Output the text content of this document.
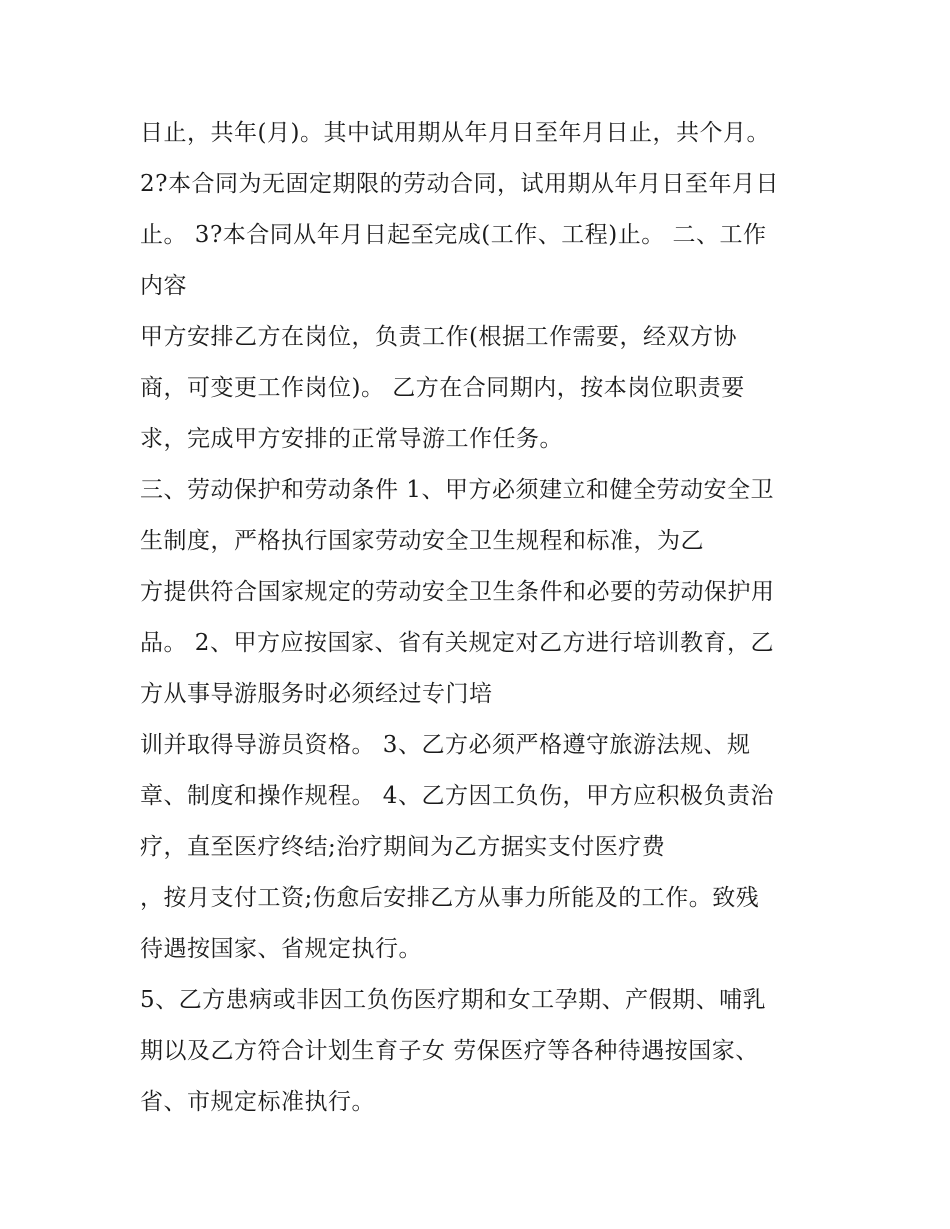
日止，共年(月)。其中试用期从年月日至年月日止，共个月。
2?本合同为无固定期限的劳动合同，试用期从年月日至年月日
止。 3?本合同从年月日起至完成(工作、工程)止。 二、工作
内容
甲方安排乙方在岗位，负责工作(根据工作需要，经双方协
商，可变更工作岗位)。 乙方在合同期内，按本岗位职责要
求，完成甲方安排的正常导游工作任务。
三、劳动保护和劳动条件 1、甲方必须建立和健全劳动安全卫
生制度，严格执行国家劳动安全卫生规程和标准，为乙
方提供符合国家规定的劳动安全卫生条件和必要的劳动保护用
品。 2、甲方应按国家、省有关规定对乙方进行培训教育，乙
方从事导游服务时必须经过专门培
训并取得导游员资格。 3、乙方必须严格遵守旅游法规、规
章、制度和操作规程。 4、乙方因工负伤，甲方应积极负责治
疗，直至医疗终结;治疗期间为乙方据实支付医疗费
，按月支付工资;伤愈后安排乙方从事力所能及的工作。致残
待遇按国家、省规定执行。
5、乙方患病或非因工负伤医疗期和女工孕期、产假期、哺乳
期以及乙方符合计划生育子女 劳保医疗等各种待遇按国家、
省、市规定标准执行。
